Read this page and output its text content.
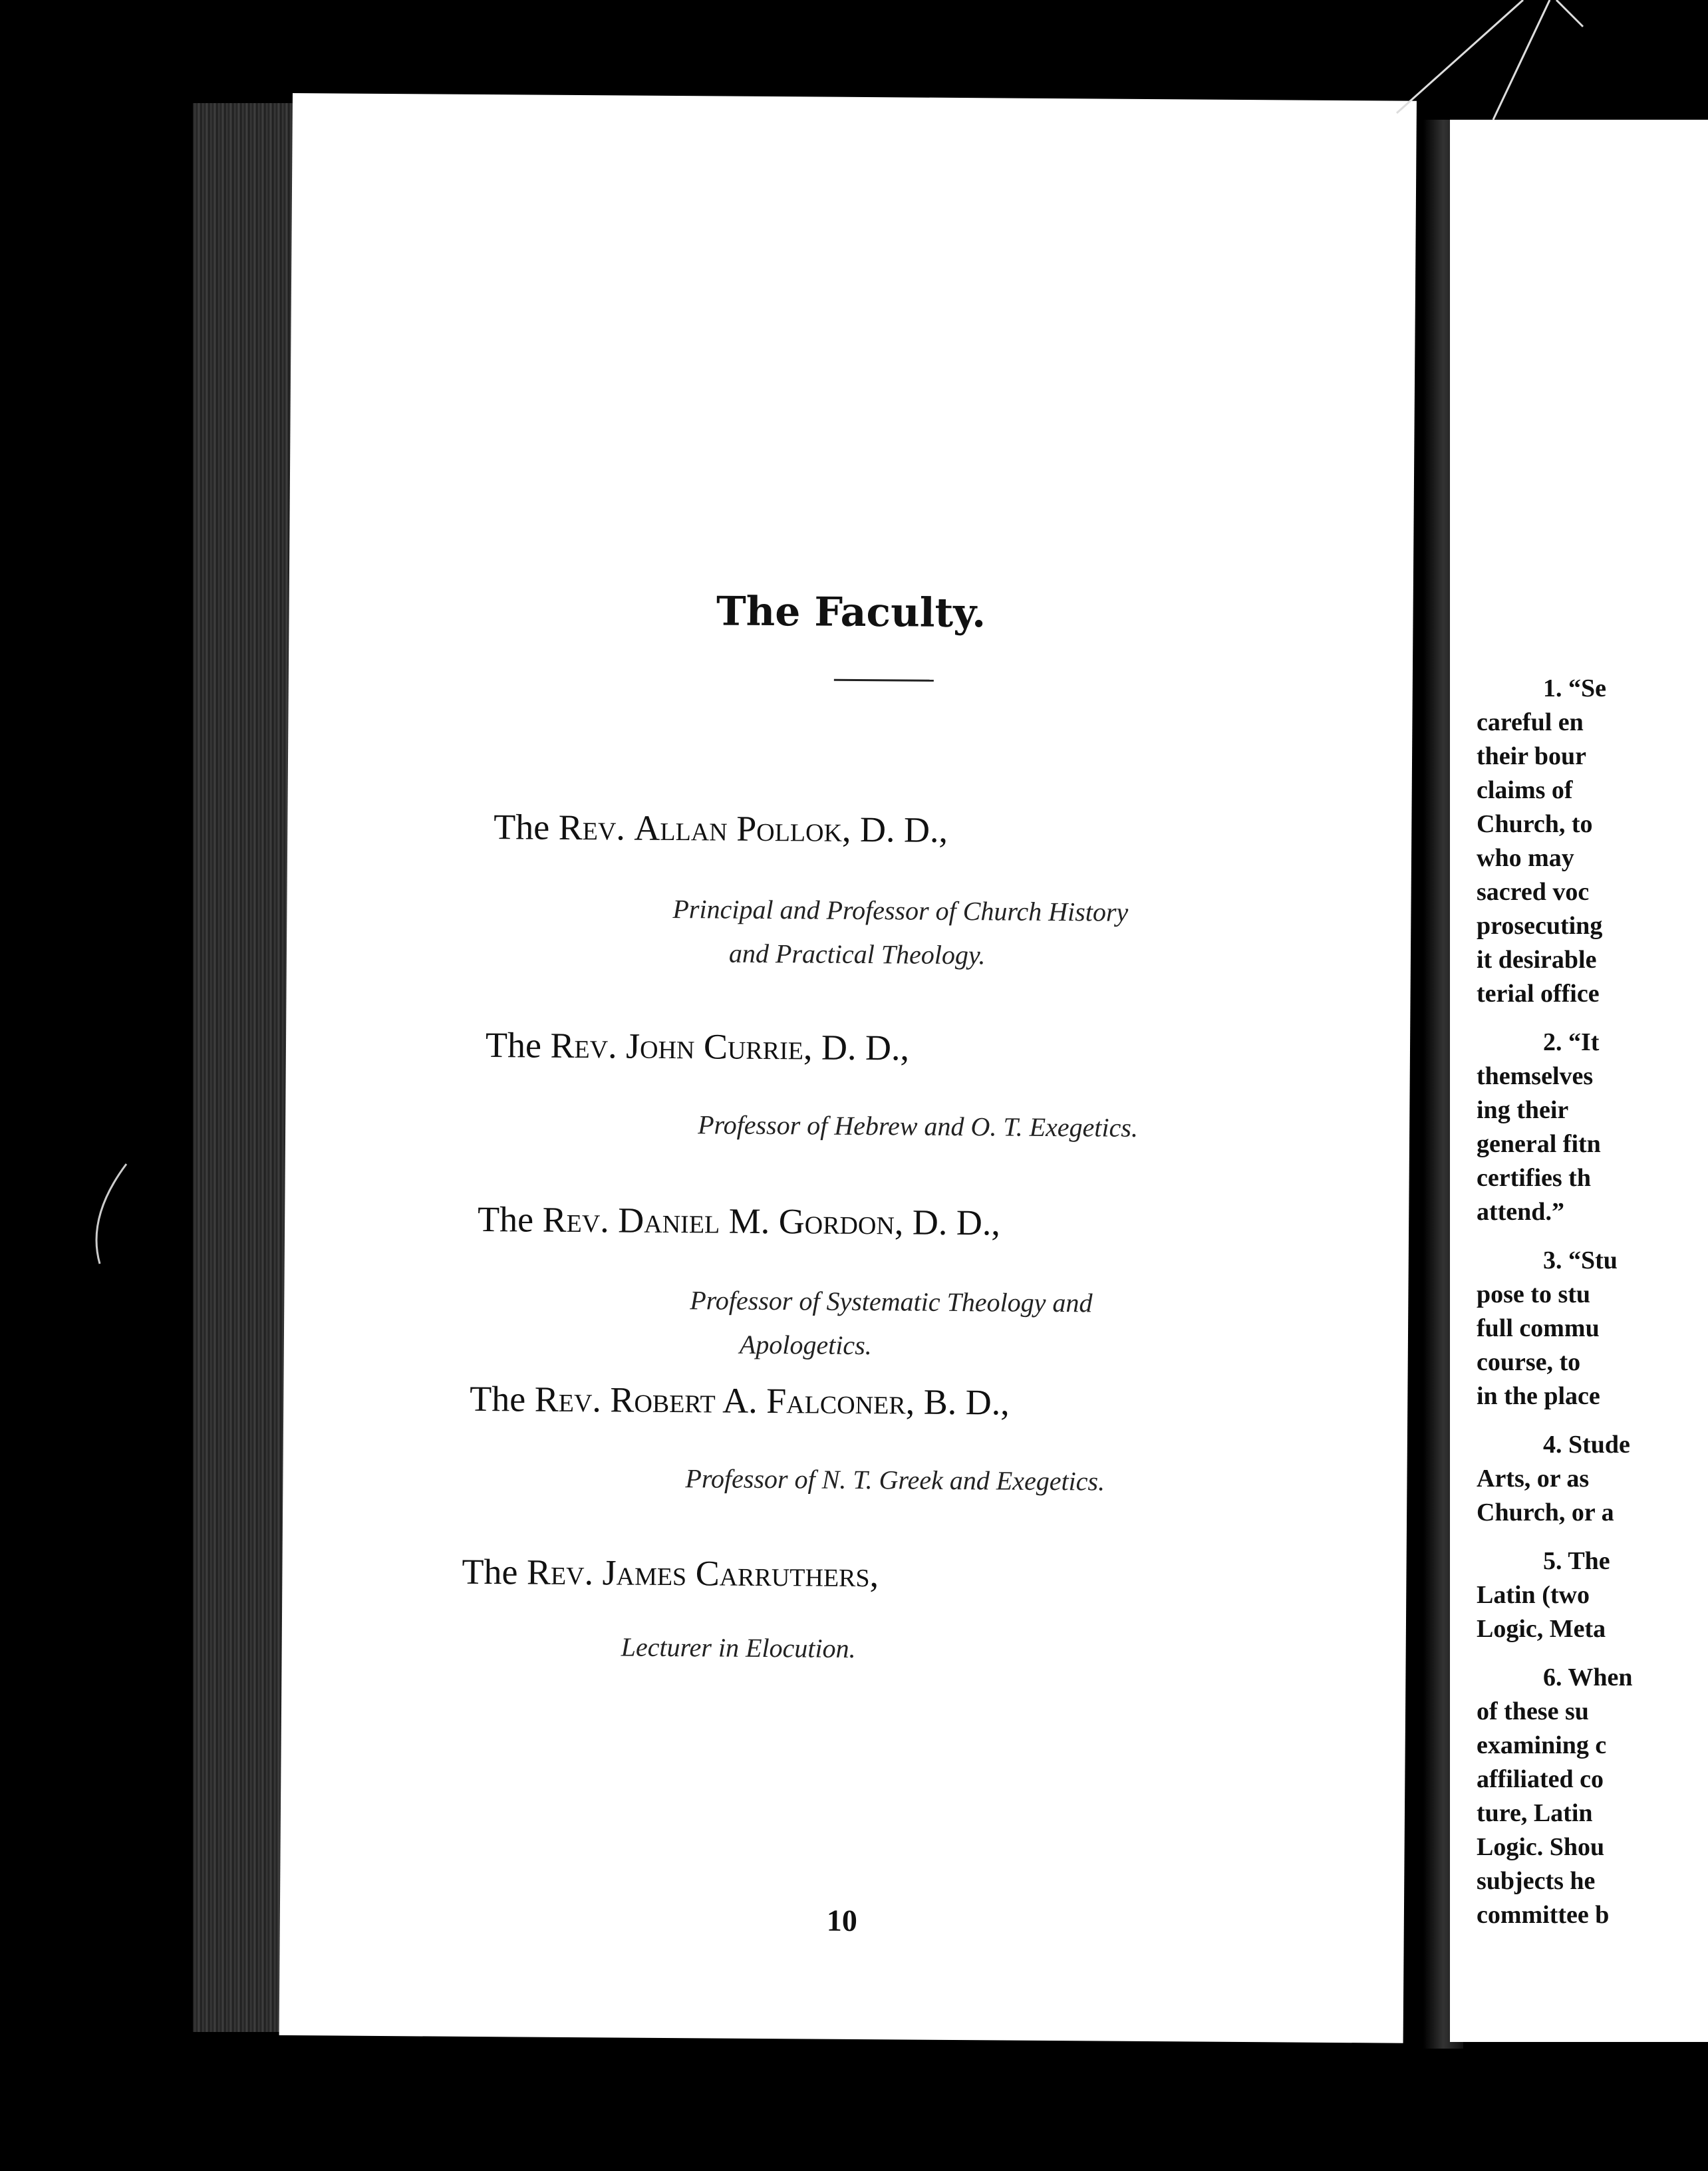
The Faculty.
The Rev. Allan Pollok, D. D.,
Principal and Professor of Church History
and Practical Theology.
The Rev. John Currie, D. D.,
Professor of Hebrew and O. T. Exegetics.
The Rev. Daniel M. Gordon, D. D.,
Professor of Systematic Theology and
Apologetics.
The Rev. Robert A. Falconer, B. D.,
Professor of N. T. Greek and Exegetics.
The Rev. James Carruthers,
Lecturer in Elocution.
10
1. “Se
careful en
their bour
claims of
Church, to
who may
sacred voc
prosecuting
it desirable
terial office
2. “It
themselves
ing their
general fitn
certifies th
attend.”
3. “Stu
pose to stu
full commu
course, to
in the place
4. Stude
Arts, or as
Church, or a
5. The
Latin (two
Logic, Meta
6. When
of these su
examining c
affiliated co
ture, Latin
Logic. Shou
subjects he
committee b
